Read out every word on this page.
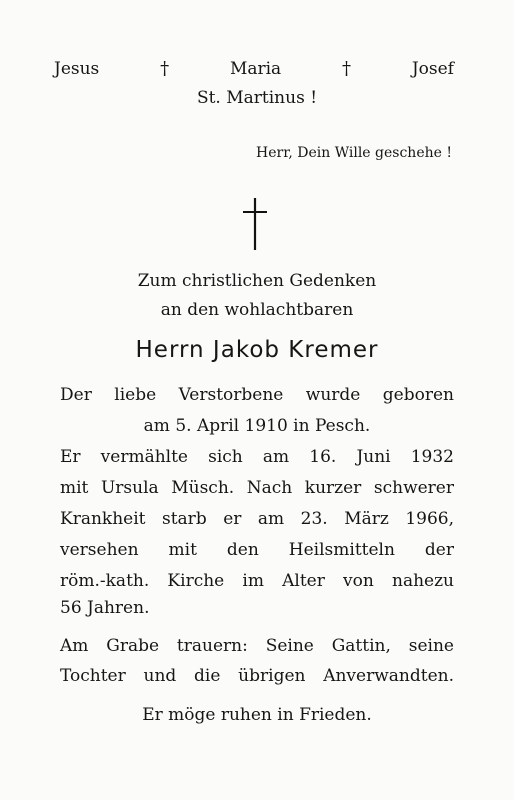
Jesus	†	Maria	†	Josef
St. Martinus !
Herr, Dein Wille geschehe !
Zum christlichen Gedenken
an den wohlachtbaren
Herrn Jakob Kremer
Der liebe Verstorbene wurde geboren
am 5. April 1910 in Pesch.
Er vermählte sich am 16. Juni 1932
mit Ursula Müsch. Nach kurzer schwerer
Krankheit starb er am 23. März 1966,
versehen mit den Heilsmitteln der
röm.-kath. Kirche im Alter von nahezu
56 Jahren.
Am Grabe trauern: Seine Gattin, seine
Tochter und die übrigen Anverwandten.
Er möge ruhen in Frieden.
